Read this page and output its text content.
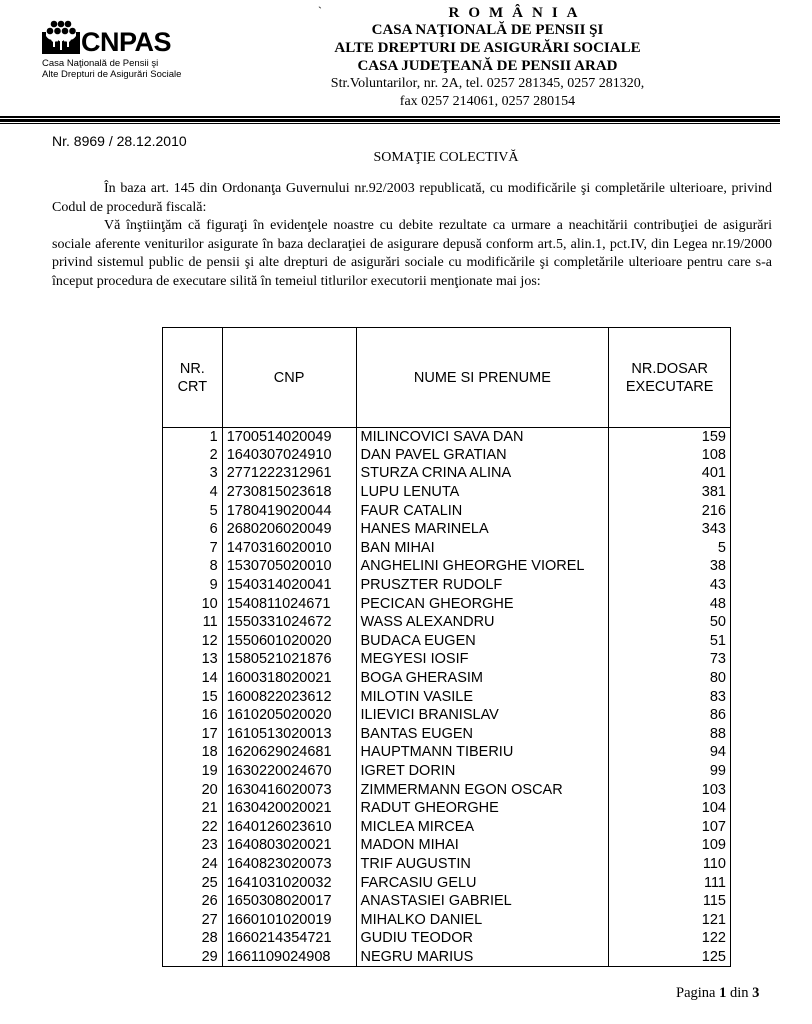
CNPAS
Casa Naţională de Pensii şi
Alte Drepturi de Asigurări Sociale
`	ROMÂNIA
CASA NAŢIONALĂ DE PENSII ŞI
ALTE DREPTURI DE ASIGURĂRI SOCIALE
CASA JUDEŢEANĂ DE PENSII ARAD
Str.Voluntarilor, nr. 2A, tel. 0257 281345, 0257 281320,
fax 0257 214061, 0257 280154
Nr. 8969 / 28.12.2010
SOMAŢIE COLECTIVĂ
În baza art. 145 din Ordonanţa Guvernului nr.92/2003 republicată, cu modificările şi completările ulterioare, privind Codul de procedură fiscală:
Vă înştiinţăm că figuraţi în evidenţele noastre cu debite rezultate ca urmare a neachitării contribuţiei de asigurări sociale aferente veniturilor asigurate în baza declaraţiei de asigurare depusă conform art.5, alin.1, pct.IV, din Legea nr.19/2000 privind sistemul public de pensii şi alte drepturi de asigurări sociale cu modificările şi completările ulterioare pentru care s-a început procedura de executare silită în temeiul titlurilor executorii menţionate mai jos:
NR.
CRT	CNP	NUME SI PRENUME	NR.DOSAR
EXECUTARE
1	1700514020049	MILINCOVICI SAVA DAN	159
2	1640307024910	DAN PAVEL GRATIAN	108
3	2771222312961	STURZA CRINA ALINA	401
4	2730815023618	LUPU LENUTA	381
5	1780419020044	FAUR CATALIN	216
6	2680206020049	HANES MARINELA	343
7	1470316020010	BAN MIHAI	5
8	1530705020010	ANGHELINI GHEORGHE VIOREL	38
9	1540314020041	PRUSZTER RUDOLF	43
10	1540811024671	PECICAN GHEORGHE	48
11	1550331024672	WASS ALEXANDRU	50
12	1550601020020	BUDACA EUGEN	51
13	1580521021876	MEGYESI IOSIF	73
14	1600318020021	BOGA GHERASIM	80
15	1600822023612	MILOTIN VASILE	83
16	1610205020020	ILIEVICI BRANISLAV	86
17	1610513020013	BANTAS EUGEN	88
18	1620629024681	HAUPTMANN TIBERIU	94
19	1630220024670	IGRET DORIN	99
20	1630416020073	ZIMMERMANN EGON OSCAR	103
21	1630420020021	RADUT GHEORGHE	104
22	1640126023610	MICLEA MIRCEA	107
23	1640803020021	MADON MIHAI	109
24	1640823020073	TRIF AUGUSTIN	110
25	1641031020032	FARCASIU GELU	111
26	1650308020017	ANASTASIEI GABRIEL	115
27	1660101020019	MIHALKO DANIEL	121
28	1660214354721	GUDIU TEODOR	122
29	1661109024908	NEGRU MARIUS	125
Pagina 1 din 3
